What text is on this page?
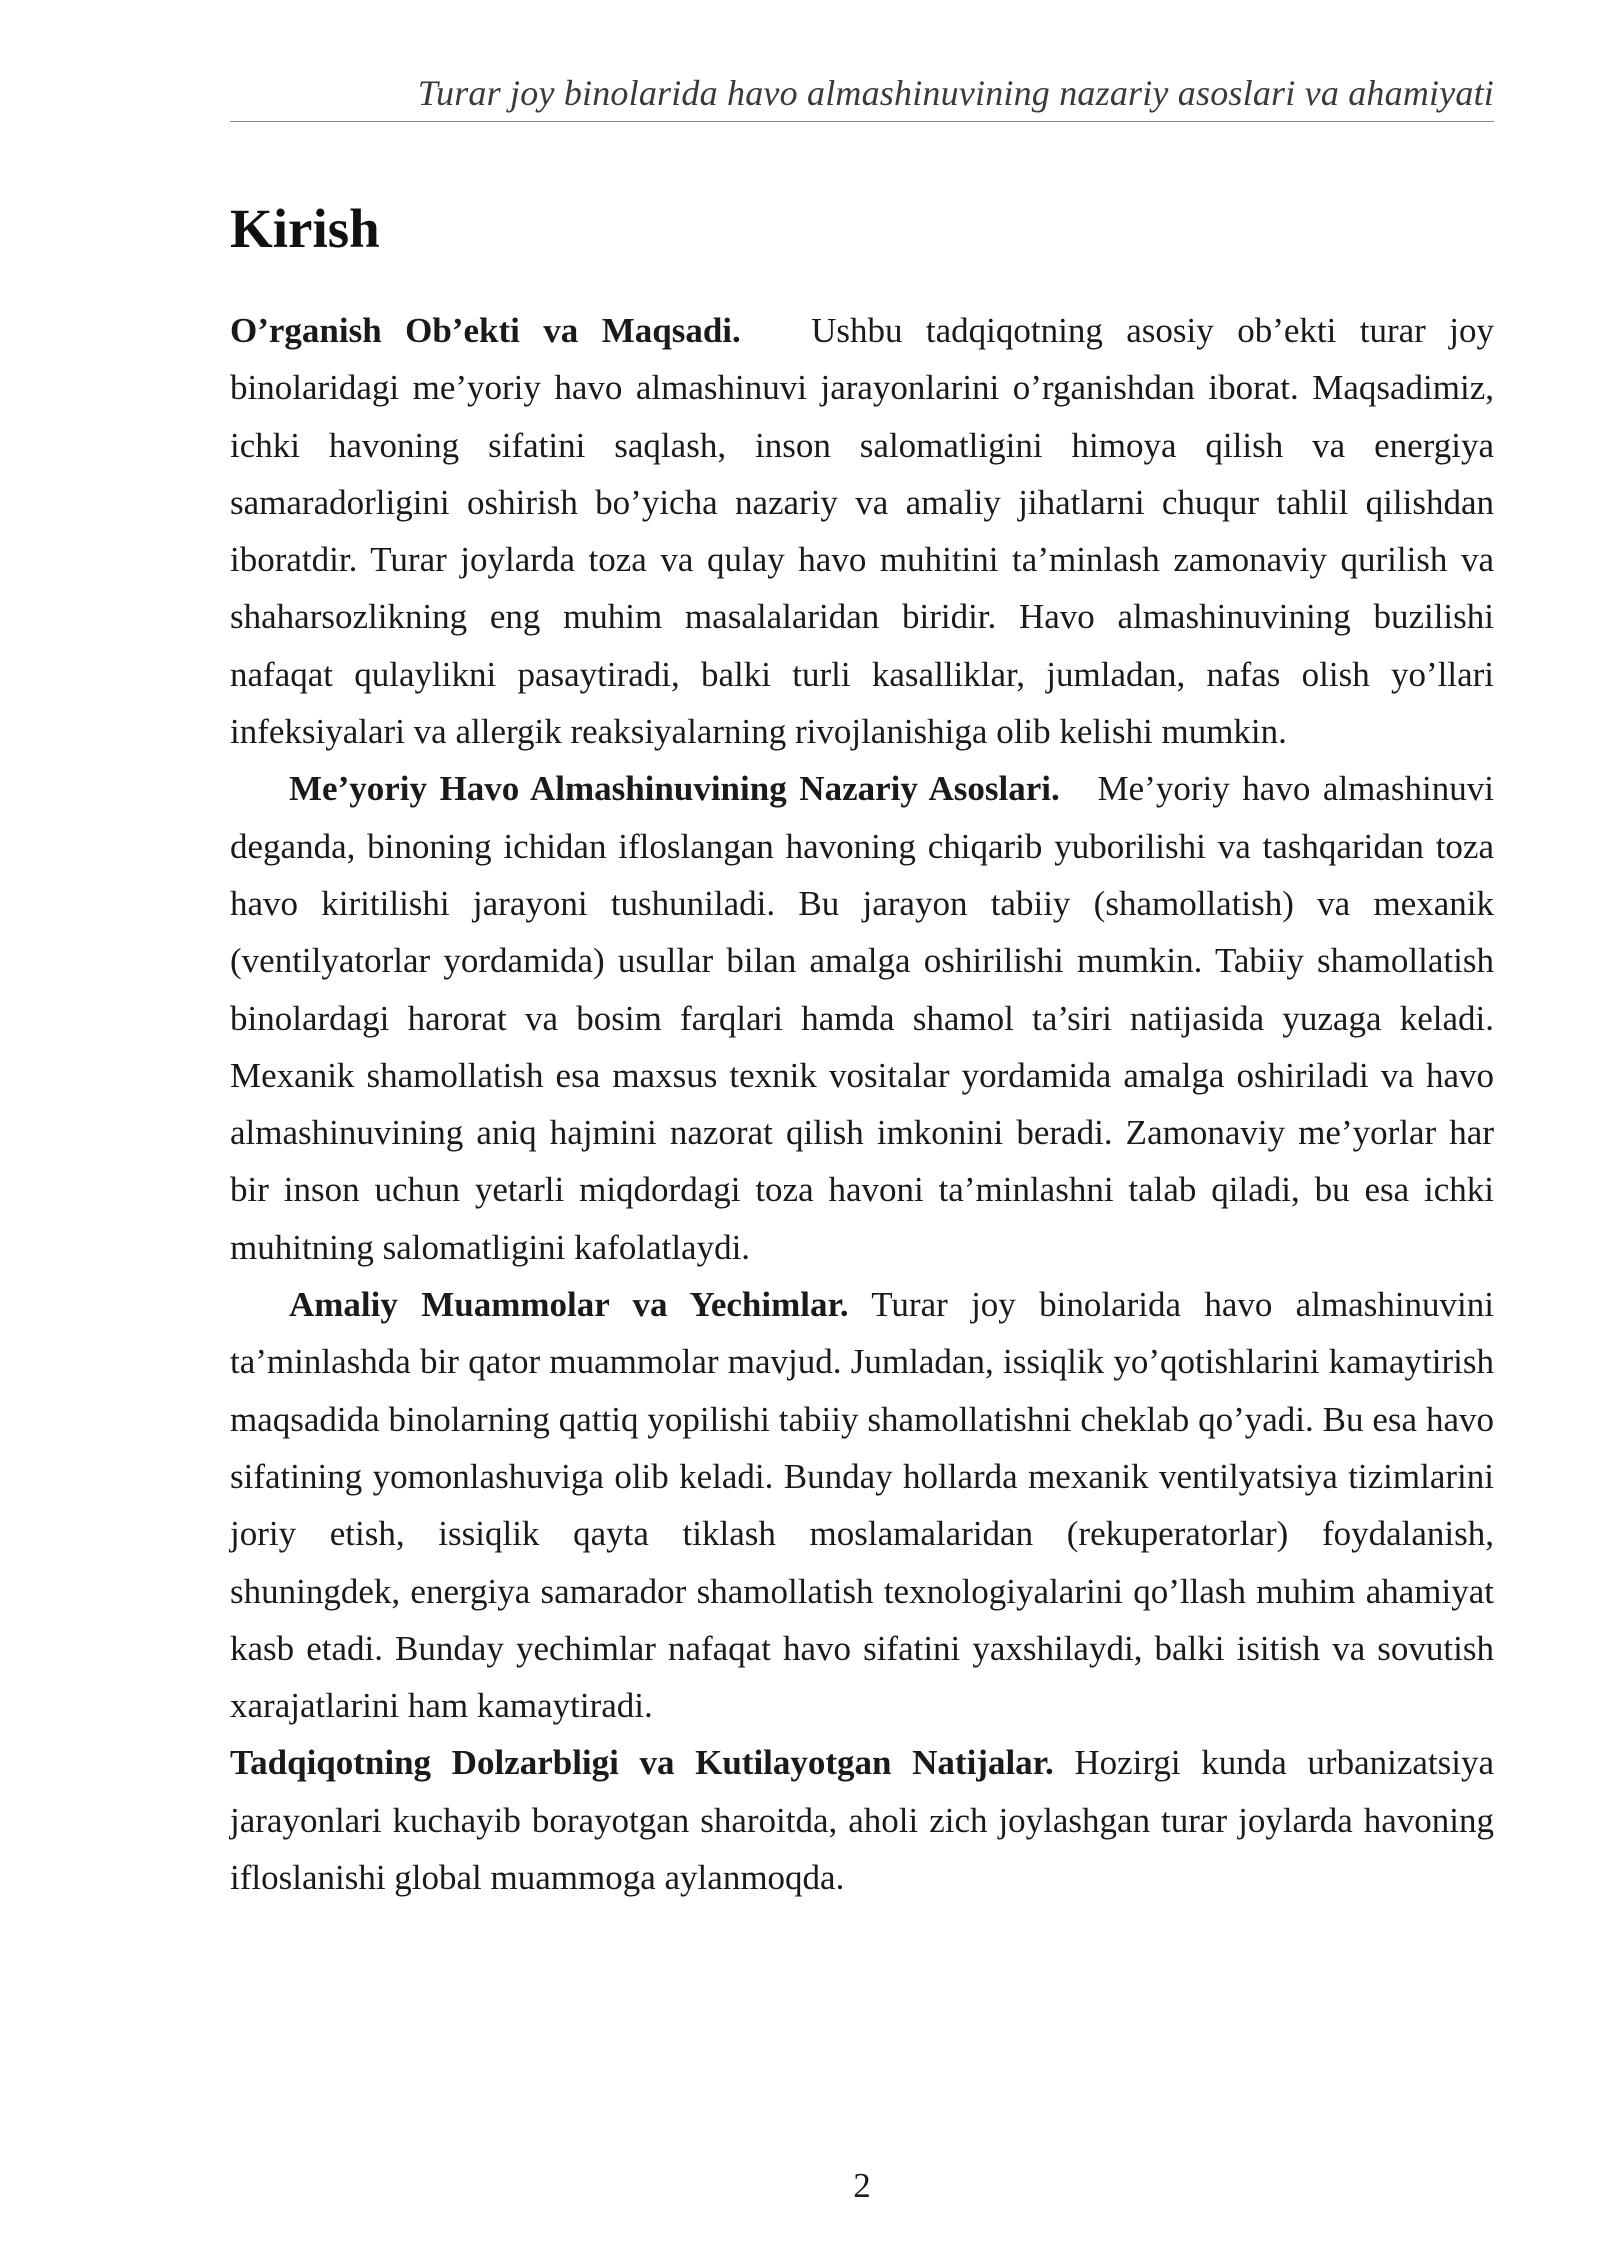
Turar joy binolarida havo almashinuvining nazariy asoslari va ahamiyati
Kirish

O’rganish Ob’ekti va Maqsadi. Ushbu tadqiqotning asosiy ob’ekti turar joy binolaridagi me’yoriy havo almashinuvi jarayonlarini o’rganishdan iborat. Maqsadimiz, ichki havoning sifatini saqlash, inson salomatligini himoya qilish va energiya samaradorligini oshirish bo’yicha nazariy va amaliy jihatlarni chuqur tahlil qilishdan iboratdir. Turar joylarda toza va qulay havo muhitini ta’minlash zamonaviy qurilish va shaharsozlikning eng muhim masalalaridan biridir. Havo almashinuvining buzilishi nafaqat qulaylikni pasaytiradi, balki turli kasalliklar, jumladan, nafas olish yo’llari infeksiyalari va allergik reaksiyalarning rivojlanishiga olib kelishi mumkin.

Me’yoriy Havo Almashinuvining Nazariy Asoslari. Me’yoriy havo almashinuvi deganda, binoning ichidan ifloslangan havoning chiqarib yuborilishi va tashqaridan toza havo kiritilishi jarayoni tushuniladi. Bu jarayon tabiiy (shamollatish) va mexanik (ventilyatorlar yordamida) usullar bilan amalga oshirilishi mumkin. Tabiiy shamollatish binolardagi harorat va bosim farqlari hamda shamol ta’siri natijasida yuzaga keladi. Mexanik shamollatish esa maxsus texnik vositalar yordamida amalga oshiriladi va havo almashinuvining aniq hajmini nazorat qilish imkonini beradi. Zamonaviy me’yorlar har bir inson uchun yetarli miqdordagi toza havoni ta’minlashni talab qiladi, bu esa ichki muhitning salomatligini kafolatlaydi.

Amaliy Muammolar va Yechimlar. Turar joy binolarida havo almashinuvini ta’minlashda bir qator muammolar mavjud. Jumladan, issiqlik yo’qotishlarini kamaytirish maqsadida binolarning qattiq yopilishi tabiiy shamollatishni cheklab qo’yadi. Bu esa havo sifatining yomonlashuviga olib keladi. Bunday hollarda mexanik ventilyatsiya tizimlarini joriy etish, issiqlik qayta tiklash moslamalaridan (rekuperatorlar) foydalanish, shuningdek, energiya samarador shamollatish texnologiyalarini qo’llash muhim ahamiyat kasb etadi. Bunday yechimlar nafaqat havo sifatini yaxshilaydi, balki isitish va sovutish xarajatlarini ham kamaytiradi.

Tadqiqotning Dolzarbligi va Kutilayotgan Natijalar. Hozirgi kunda urbanizatsiya jarayonlari kuchayib borayotgan sharoitda, aholi zich joylashgan turar joylarda havoning ifloslanishi global muammoga aylanmoqda.

2
